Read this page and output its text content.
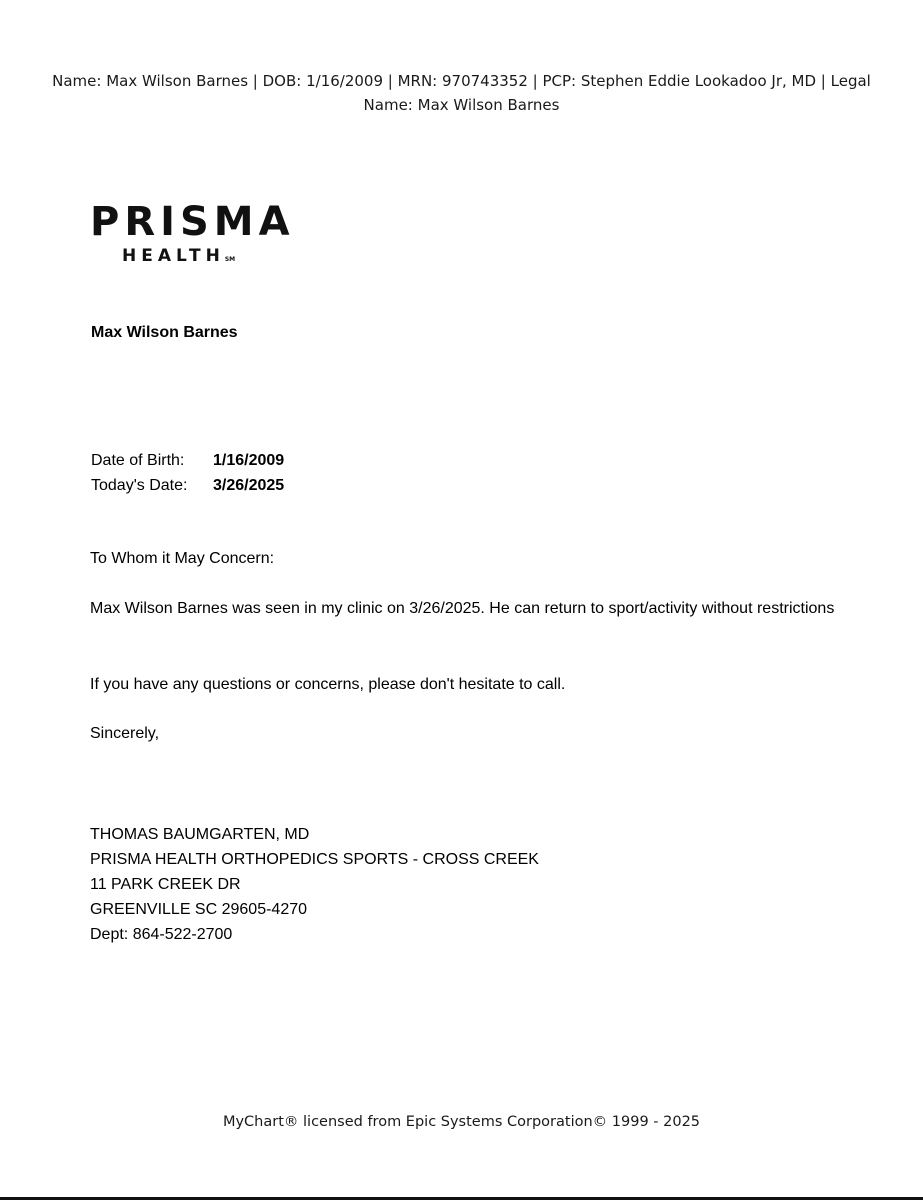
Name: Max Wilson Barnes | DOB: 1/16/2009 | MRN: 970743352 | PCP: Stephen Eddie Lookadoo Jr, MD | Legal Name: Max Wilson Barnes
PRISMA
HEALTHSM
Max Wilson Barnes
Date of Birth:	1/16/2009
Today's Date:	3/26/2025
To Whom it May Concern:
Max Wilson Barnes was seen in my clinic on 3/26/2025. He can return to sport/activity without restrictions
If you have any questions or concerns, please don't hesitate to call.
Sincerely,
THOMAS BAUMGARTEN, MD
PRISMA HEALTH ORTHOPEDICS SPORTS - CROSS CREEK
11 PARK CREEK DR
GREENVILLE SC 29605-4270
Dept: 864-522-2700
MyChart® licensed from Epic Systems Corporation© 1999 - 2025
